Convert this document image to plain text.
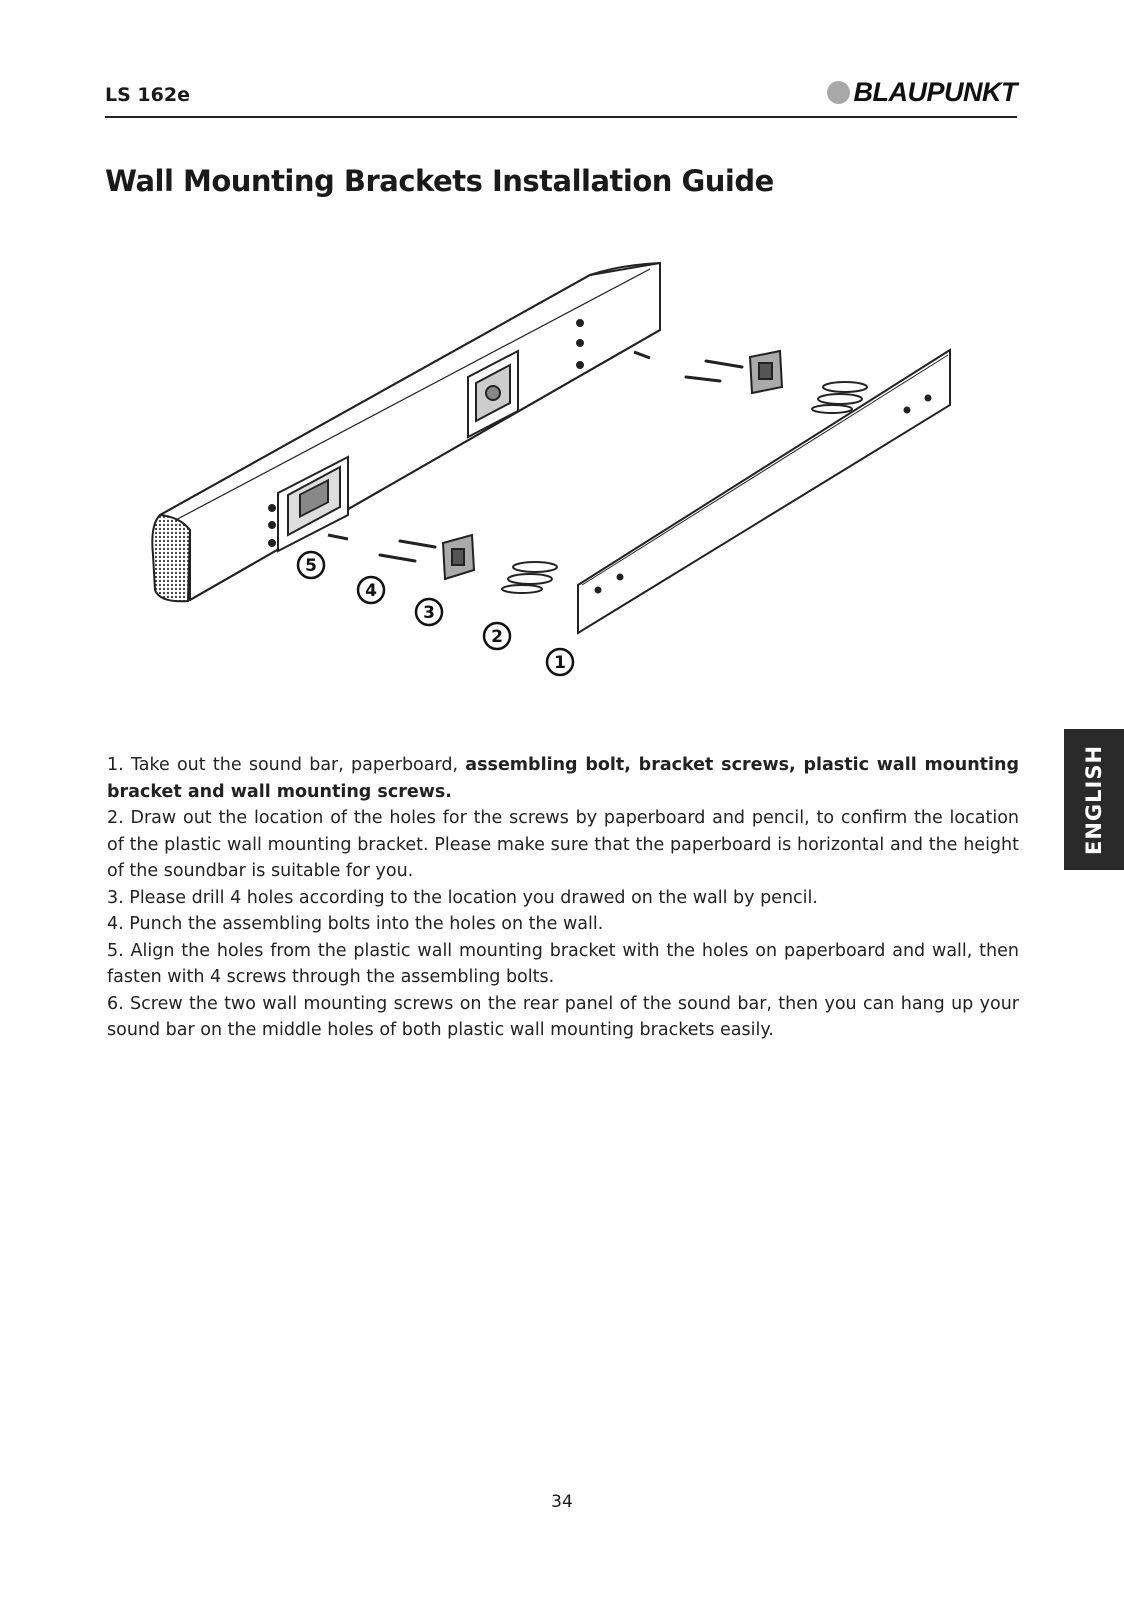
LS 162e	BLAUPUNKT
Wall Mounting Brackets Installation Guide
5
4
3
2
1

1. Take out the sound bar, paperboard, assembling bolt, bracket screws, plastic wall mounting bracket and wall mounting screws.

2. Draw out the location of the holes for the screws by paperboard and pencil, to confirm the location of the plastic wall mounting bracket. Please make sure that the paperboard is horizontal and the height of the soundbar is suitable for you.

3. Please drill 4 holes according to the location you drawed on the wall by pencil.

4. Punch the assembling bolts into the holes on the wall.

5. Align the holes from the plastic wall mounting bracket with the holes on paperboard and wall, then fasten with 4 screws through the assembling bolts.

6. Screw the two wall mounting screws on the rear panel of the sound bar, then you can hang up your sound bar on the middle holes of both plastic wall mounting brackets easily.

ENGLISH
34
